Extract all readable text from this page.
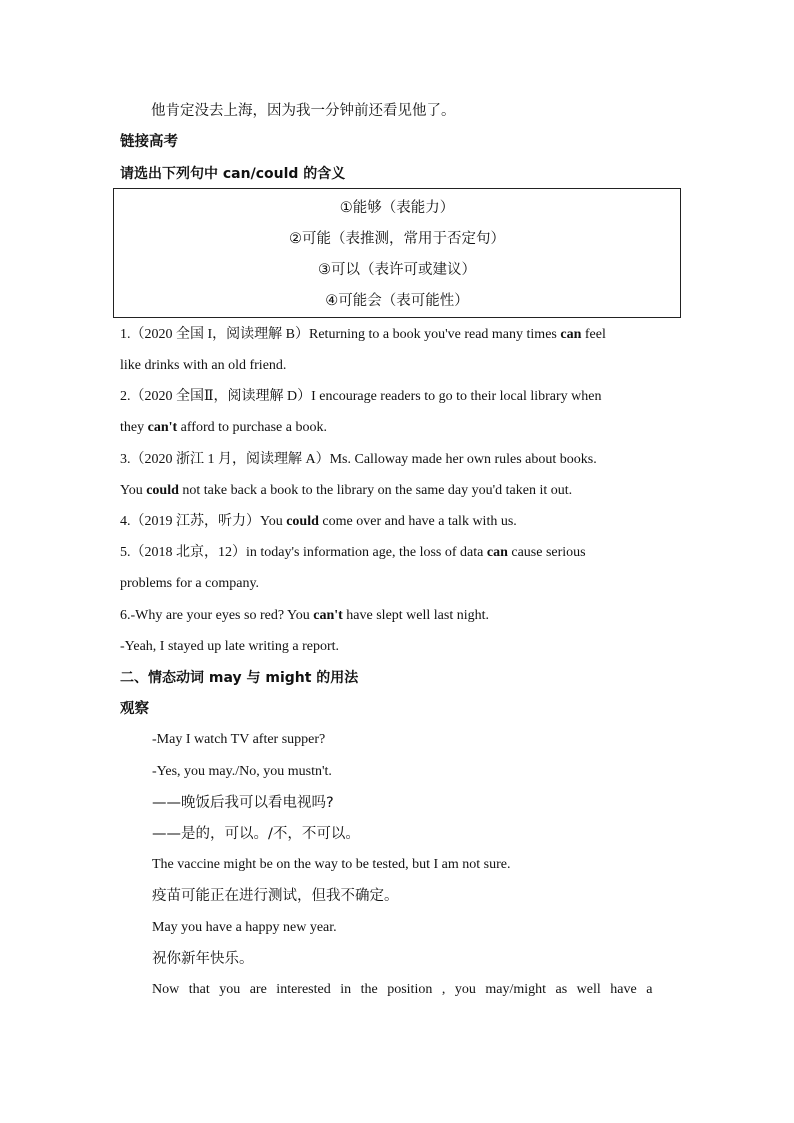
他肯定没去上海，因为我一分钟前还看见他了。
链接高考
请选出下列句中 can/could 的含义
①能够（表能力）
②可能（表推测，常用于否定句）
③可以（表许可或建议）
④可能会（表可能性）
1.（2020 全国 I，阅读理解 B）Returning to a book you've read many times can feel
like drinks with an old friend.
2.（2020 全国Ⅱ，阅读理解 D）I encourage readers to go to their local library when
they can't afford to purchase a book.
3.（2020 浙江 1 月，阅读理解 A）Ms. Calloway made her own rules about books.
You could not take back a book to the library on the same day you'd taken it out.
4.（2019 江苏，听力）You could come over and have a talk with us.
5.（2018 北京，12）in today's information age, the loss of data can cause serious
problems for a company.
6.-Why are your eyes so red? You can't have slept well last night.
-Yeah, I stayed up late writing a report.
二、情态动词 may 与 might 的用法
观察
-May I watch TV after supper?
-Yes, you may./No, you mustn't.
——晚饭后我可以看电视吗?
——是的，可以。/不，不可以。
The vaccine might be on the way to be tested, but I am not sure.
疫苗可能正在进行测试，但我不确定。
May you have a happy new year.
祝你新年快乐。
Now that you are interested in the position , you may/might as well have a
